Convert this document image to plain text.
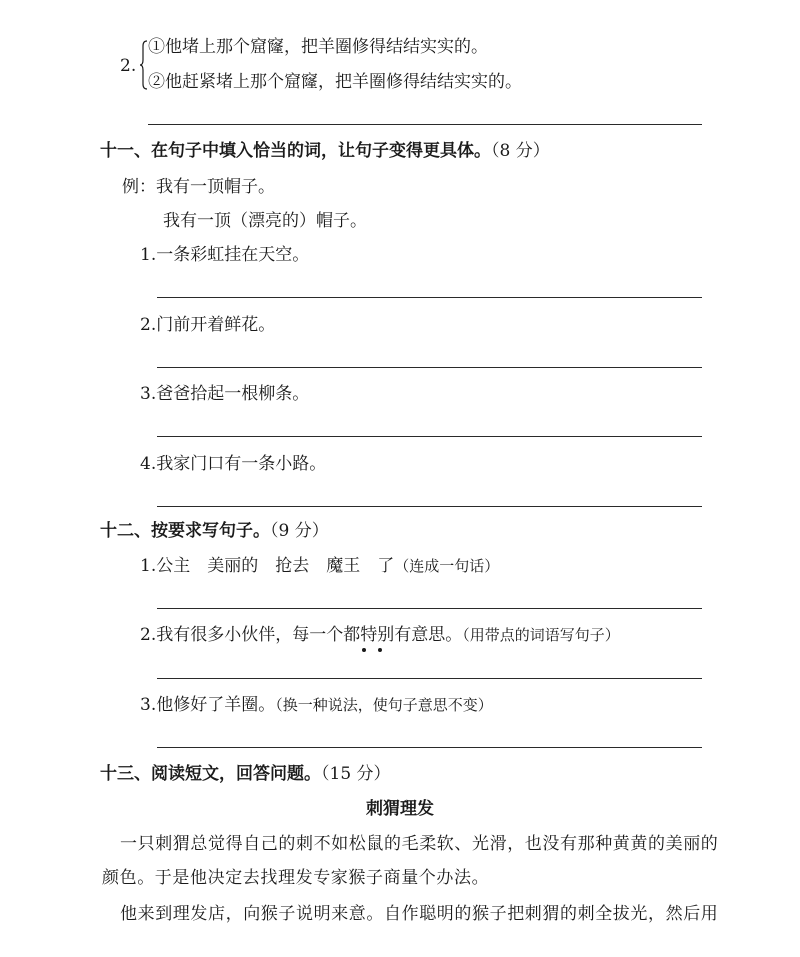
2.
①他堵上那个窟窿，把羊圈修得结结实实的。
②他赶紧堵上那个窟窿，把羊圈修得结结实实的。
十一、在句子中填入恰当的词，让句子变得更具体。（8 分）
例：我有一顶帽子。
我有一顶（漂亮的）帽子。
1.一条彩虹挂在天空。
2.门前开着鲜花。
3.爸爸拾起一根柳条。
4.我家门口有一条小路。
十二、按要求写句子。（9 分）
1.公主　美丽的　抢去　魔王　了（连成一句话）
2.我有很多小伙伴，每一个都特别有意思。（用带点的词语写句子）
3.他修好了羊圈。（换一种说法，使句子意思不变）
十三、阅读短文，回答问题。（15 分）
刺猬理发
一只刺猬总觉得自己的刺不如松鼠的毛柔软、光滑，也没有那种黄黄的美丽的
颜色。于是他决定去找理发专家猴子商量个办法。
他来到理发店，向猴子说明来意。自作聪明的猴子把刺猬的刺全拔光，然后用
